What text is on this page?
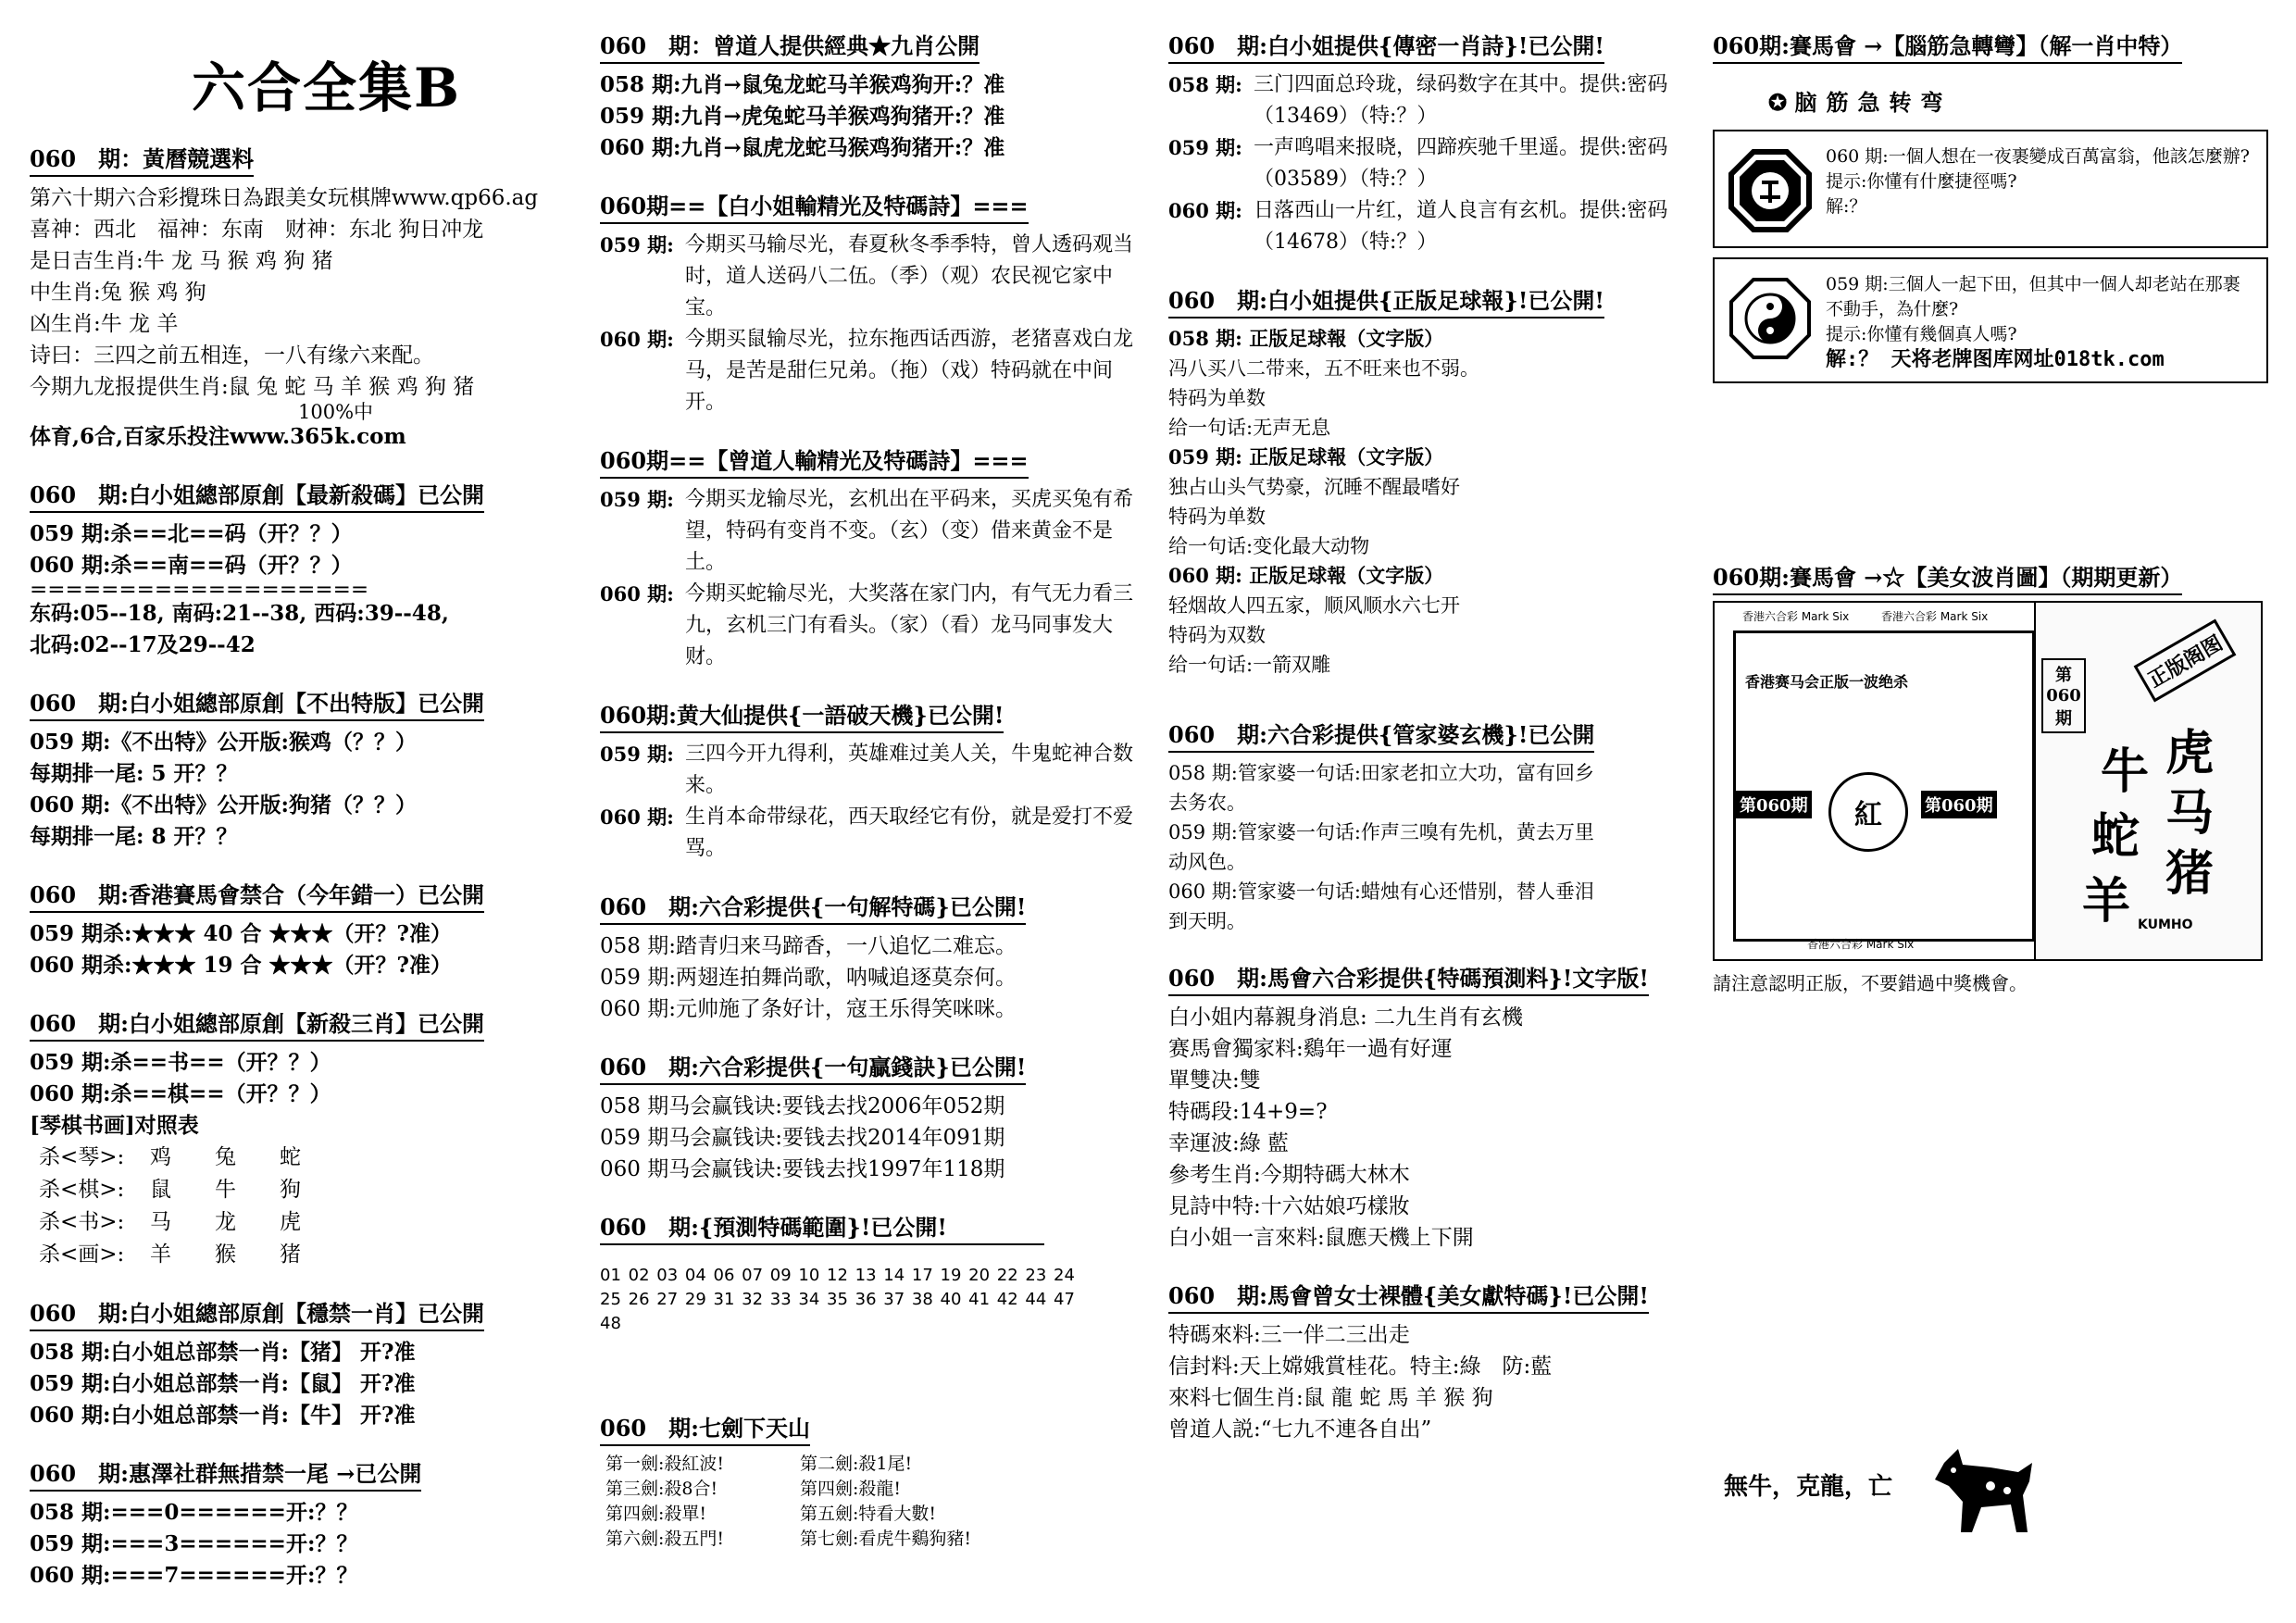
六合全集B
060　期：黃曆競選料
第六十期六合彩攪珠日為跟美女玩棋牌www.qp66.ag
喜神：西北　福神：东南　财神：东北 狗日冲龙
是日吉生肖:牛 龙 马 猴 鸡 狗 猪
中生肖:兔 猴 鸡 狗
凶生肖:牛 龙 羊
诗曰：三四之前五相连，一八有缘六来配。
今期九龙报提供生肖:鼠 兔 蛇 马 羊 猴 鸡 狗 猪
100%中
体育,6合,百家乐投注www.365k.com
060　期:白小姐總部原創【最新殺碼】已公開
059 期:杀==北==码（开？？）
060 期:杀==南==码（开？？）
===================
东码:05--18, 南码:21--38, 西码:39--48,
北码:02--17及29--42
060　期:白小姐總部原創【不出特版】已公開
059 期:《不出特》公开版:猴鸡（？？）
每期排一尾: 5 开？？
060 期:《不出特》公开版:狗猪（？？）
每期排一尾: 8 开？？
060　期:香港賽馬會禁合（今年錯一）已公開
059 期杀:★★★ 40 合 ★★★（开？?准）
060 期杀:★★★ 19 合 ★★★（开？?准）
060　期:白小姐總部原創【新殺三肖】已公開
059 期:杀==书==（开？？）
060 期:杀==棋==（开？？）
[琴棋书画]对照表
杀<琴>:	鸡	兔	蛇
杀<棋>:	鼠	牛	狗
杀<书>:	马	龙	虎
杀<画>:	羊	猴	猪
060　期:白小姐總部原創【穩禁一肖】已公開
058 期:白小姐总部禁一肖:【猪】 开?准
059 期:白小姐总部禁一肖:【鼠】 开?准
060 期:白小姐总部禁一肖:【牛】 开?准
060　期:惠澤社群無措禁一尾 →已公開
058 期:===0======开:？？
059 期:===3======开:？？
060 期:===7======开:？？
060　期：曾道人提供經典★九肖公開
058 期:九肖→鼠兔龙蛇马羊猴鸡狗开:？准
059 期:九肖→虎兔蛇马羊猴鸡狗猪开:？准
060 期:九肖→鼠虎龙蛇马猴鸡狗猪开:？准
060期==【白小姐輸精光及特碼詩】===
059 期: 今期买马输尽光，春夏秋冬季季特，曾人透码观当时，道人送码八二伍。（季）（观）农民视它家中宝。
060 期: 今期买鼠输尽光，拉东拖西话西游，老猪喜戏白龙马，是苦是甜仨兄弟。（拖）（戏）特码就在中间开。
060期==【曾道人輸精光及特碼詩】===
059 期: 今期买龙输尽光，玄机出在平码来，买虎买兔有希望，特码有变肖不变。（玄）（变）借来黄金不是土。
060 期: 今期买蛇输尽光，大奖落在家门内，有气无力看三九，玄机三门有看头。（家）（看）龙马同事发大财。
060期:黄大仙提供{一語破天機}已公開!
059 期: 三四今开九得利，英雄难过美人关，牛鬼蛇神合数来。
060 期: 生肖本命带绿花，西天取经它有份，就是爱打不爱骂。
060　期:六合彩提供{一句解特碼}已公開!
058 期:踏青归来马蹄香，一八追忆二难忘。
059 期:两翅连拍舞尚歌，呐喊追逐莫奈何。
060 期:元帅施了条好计，寇王乐得笑咪咪。
060　期:六合彩提供{一句贏錢訣}已公開!
058 期马会赢钱诀:要钱去找2006年052期
059 期马会赢钱诀:要钱去找2014年091期
060 期马会赢钱诀:要钱去找1997年118期
060　期:{預測特碼範圍}!已公開!
01 02 03 04 06 07 09 10 12 13 14 17 19 20 22 23 24 25 26 27 29 31 32 33 34 35 36 37 38 40 41 42 44 47 48
060　期:七劍下天山
第一劍:殺紅波!	第二劍:殺1尾!
第三劍:殺8合!	第四劍:殺龍!
第四劍:殺單!	第五劍:特看大數!
第六劍:殺五門!	第七劍:看虎牛鷄狗豬!
060　期:白小姐提供{傳密一肖詩}!已公開!
058 期: 三门四面总玲珑，绿码数字在其中。提供:密码（13469）（特:？）
059 期: 一声鸣唱来报晓，四蹄疾驰千里遥。提供:密码（03589）（特:？）
060 期: 日落西山一片红，道人良言有玄机。提供:密码（14678）（特:？）
060　期:白小姐提供{正版足球報}!已公開!
058 期: 正版足球報（文字版）
冯八买八二带来，五不旺来也不弱。
特码为单数
给一句话:无声无息
059 期: 正版足球報（文字版）
独占山头气势豪，沉睡不醒最嗜好
特码为单数
给一句话:变化最大动物
060 期: 正版足球報（文字版）
轻烟故人四五家，顺风顺水六七开
特码为双数
给一句话:一箭双雕
060　期:六合彩提供{管家婆玄機}!已公開
058 期:管家婆一句话:田家老扣立大功，富有回乡
去务农。
059 期:管家婆一句话:作声三嗅有先机，黄去万里
动风色。
060 期:管家婆一句话:蜡烛有心还惜别，替人垂泪
到天明。
060　期:馬會六合彩提供{特碼預測料}!文字版!
白小姐内幕親身消息: 二九生肖有玄機
赛馬會獨家料:鷄年一過有好運
單雙决:雙
特碼段:14+9=?
幸運波:綠 藍
參考生肖:今期特碼大林木
見詩中特:十六姑娘巧樣妝
白小姐一言來料:鼠應天機上下開
060　期:馬會曾女士裸體{美女獻特碼}!已公開!
特碼來料:三一伴二三出走
信封料:天上嫦娥賞桂花。特主:綠　防:藍
來料七個生肖:鼠 龍 蛇 馬 羊 猴 狗
曾道人説:“七九不連各自出”
060期:賽馬會 →【腦筋急轉彎】（解一肖中特）
✪ 脑筋急转弯
060 期:一個人想在一夜裹變成百萬富翁，他該怎麼辦?
提示:你懂有什麼捷徑嗎?
解:？
059 期:三個人一起下田，但其中一個人却老站在那裹不動手，為什麼?
提示:你懂有幾個真人嗎?
解:？ 天将老牌图库网址018tk.com
060期:賽馬會 →☆【美女波肖圖】（期期更新）
香港赛马会正版一波绝杀
紅
第060期	第060期
香港六合彩 Mark Six	香港六合彩 Mark Six
香港六合彩 Mark Six
第060期
正版阁图
牛 虎
蛇 马
羊 猪
KUMHO
請注意認明正版，不要錯過中獎機會。
無牛，克龍，亡
